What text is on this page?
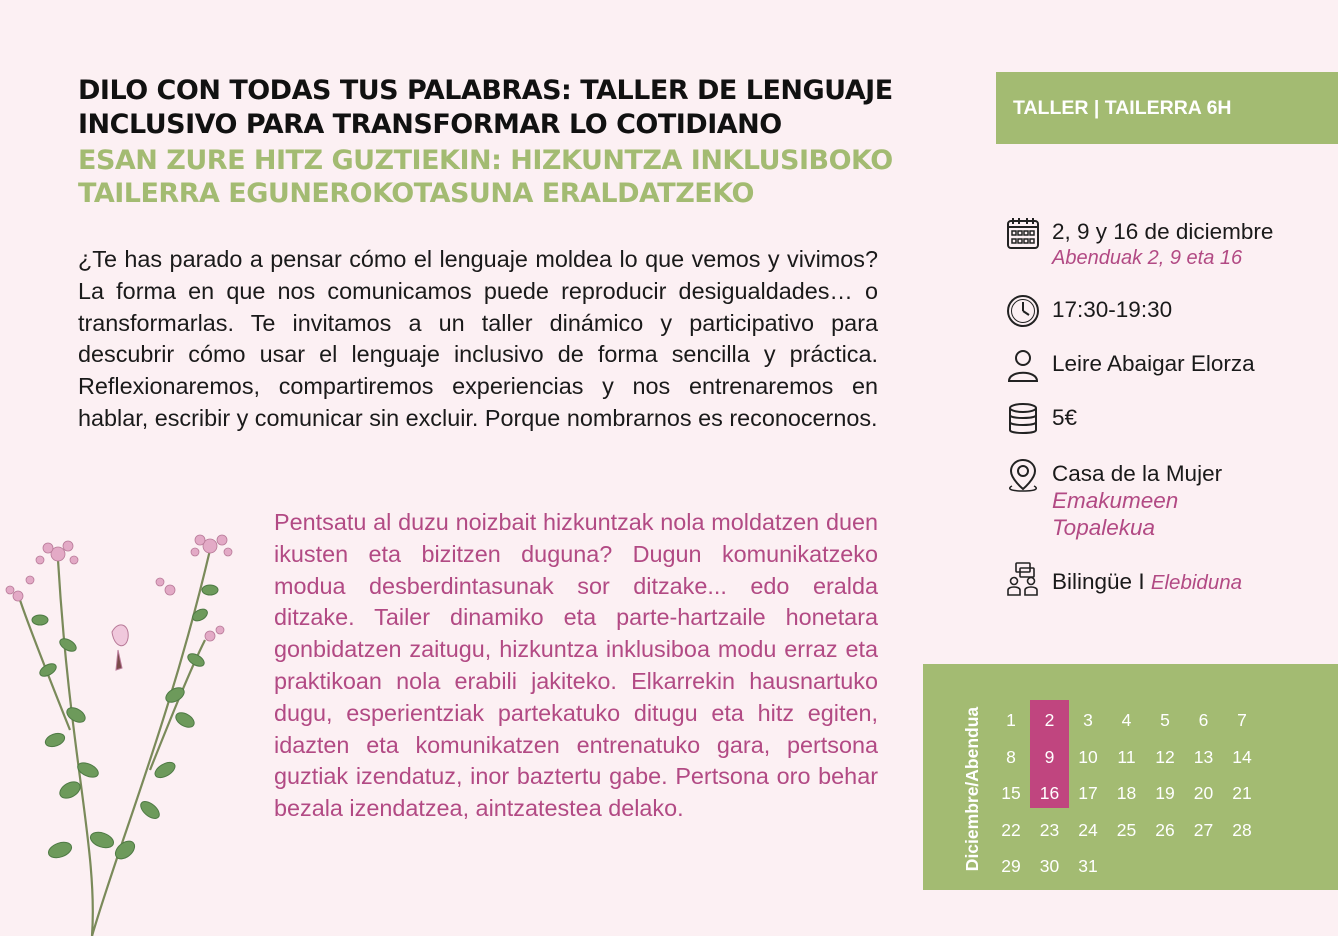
DILO CON TODAS TUS PALABRAS: TALLER DE LENGUAJE INCLUSIVO PARA TRANSFORMAR LO COTIDIANO
ESAN ZURE HITZ GUZTIEKIN: HIZKUNTZA INKLUSIBOKO TAILERRA EGUNEROKOTASUNA ERALDATZEKO

¿Te has parado a pensar cómo el lenguaje moldea lo que vemos y vivimos? La forma en que nos comunicamos puede reproducir desigualdades… o transformarlas. Te invitamos a un taller dinámico y participativo para descubrir cómo usar el lenguaje inclusivo de forma sencilla y práctica. Reflexionaremos, compartiremos experiencias y nos entrenaremos en hablar, escribir y comunicar sin excluir. Porque nombrarnos es reconocernos.

Pentsatu al duzu noizbait hizkuntzak nola moldatzen duen ikusten eta bizitzen duguna? Dugun komunikatzeko modua desberdintasunak sor ditzake... edo eralda ditzake. Tailer dinamiko eta parte-hartzaile honetara gonbidatzen zaitugu, hizkuntza inklusiboa modu erraz eta praktikoan nola erabili jakiteko. Elkarrekin hausnartuko dugu, esperientziak partekatuko ditugu eta hitz egiten, idazten eta komunikatzen entrenatuko gara, pertsona guztiak izendatuz, inor baztertu gabe. Pertsona oro behar bezala izendatzea, aintzatestea delako.

TALLER | TAILERRA 6H
2, 9 y 16 de diciembre
Abenduak 2, 9 eta 16
17:30-19:30
Leire Abaigar Elorza
5€
Casa de la Mujer
Emakumeen Topalekua
Bilingüe I Elebiduna
Diciembre/Abendua	1	2	3	4	5	6	7
8	9	10	11	12	13	14
15	16	17	18	19	20	21
22	23	24	25	26	27	28
29	30	31
